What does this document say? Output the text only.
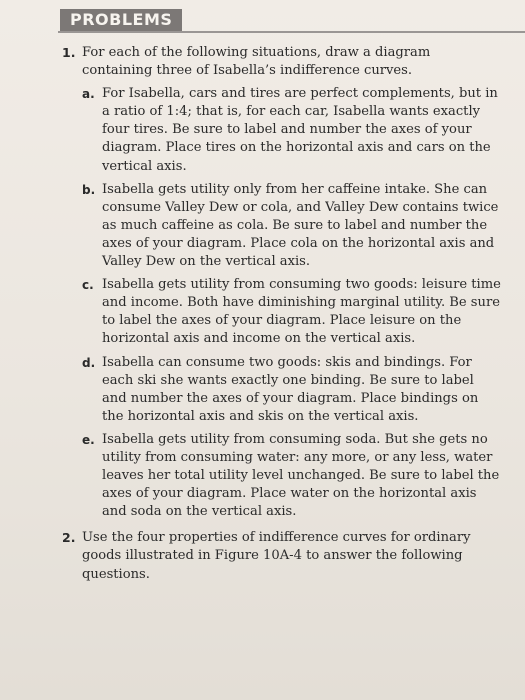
PROBLEMS
1. For each of the following situations, draw a diagram containing three of Isabella’s indifference curves.

a. For Isabella, cars and tires are perfect complements, but in a ratio of 1:4; that is, for each car, Isabella wants exactly four tires. Be sure to label and number the axes of your diagram. Place tires on the horizontal axis and cars on the vertical axis.

b. Isabella gets utility only from her caffeine intake. She can consume Valley Dew or cola, and Valley Dew contains twice as much caffeine as cola. Be sure to label and number the axes of your diagram. Place cola on the horizontal axis and Valley Dew on the vertical axis.

c. Isabella gets utility from consuming two goods: leisure time and income. Both have diminishing marginal utility. Be sure to label the axes of your diagram. Place leisure on the horizontal axis and income on the vertical axis.

d. Isabella can consume two goods: skis and bindings. For each ski she wants exactly one binding. Be sure to label and number the axes of your diagram. Place bindings on the horizontal axis and skis on the vertical axis.

e. Isabella gets utility from consuming soda. But she gets no utility from consuming water: any more, or any less, water leaves her total utility level unchanged. Be sure to label the axes of your diagram. Place water on the horizontal axis and soda on the vertical axis.

2. Use the four properties of indifference curves for ordinary goods illustrated in Figure 10A-4 to answer the following questions.
